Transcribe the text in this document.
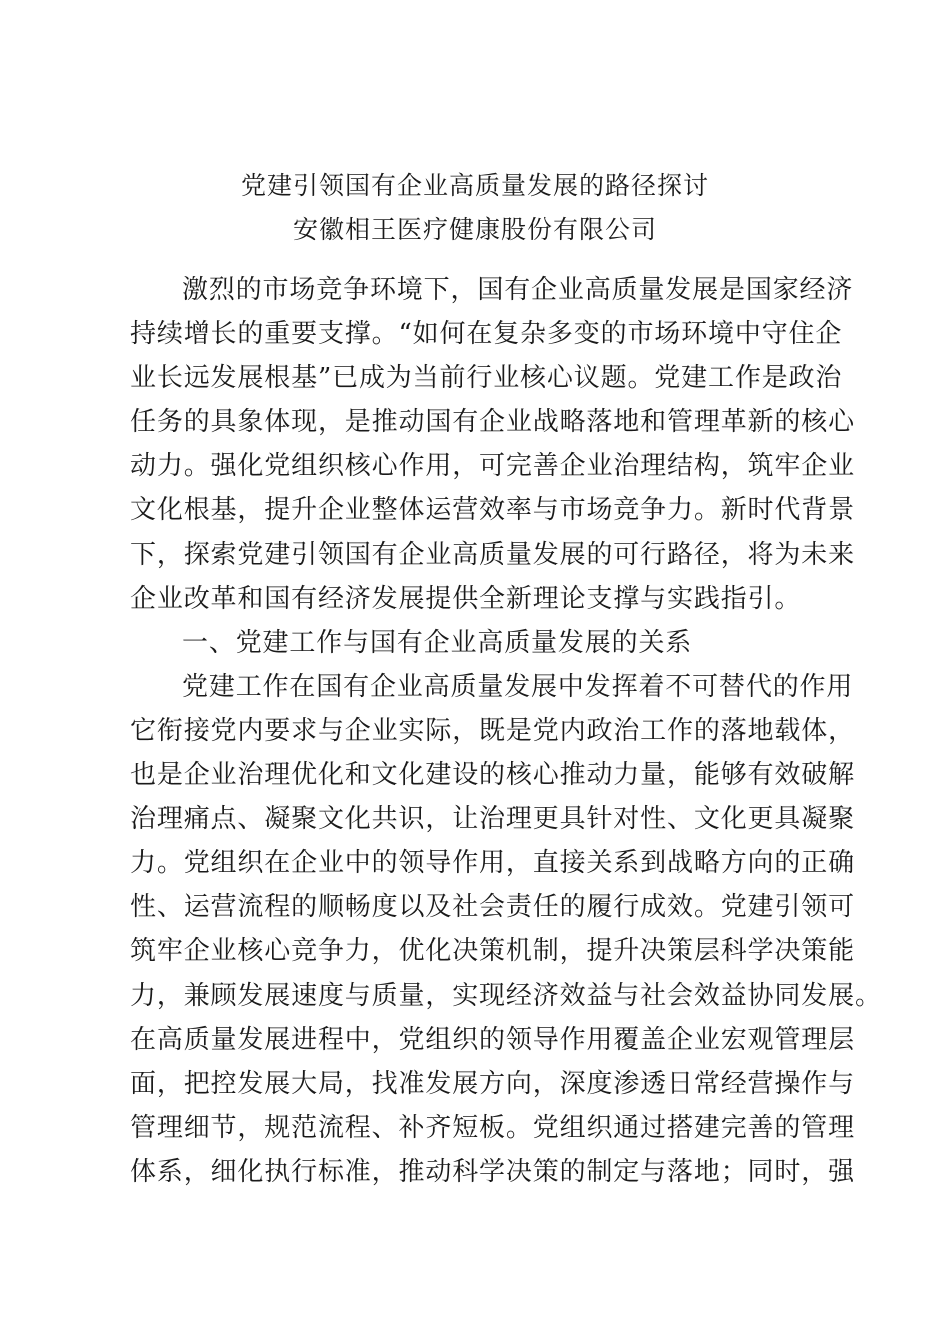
党建引领国有企业高质量发展的路径探讨
安徽相王医疗健康股份有限公司
激烈的市场竞争环境下，国有企业高质量发展是国家经济
持续增长的重要支撑。“如何在复杂多变的市场环境中守住企
业长远发展根基”已成为当前行业核心议题。党建工作是政治
任务的具象体现，是推动国有企业战略落地和管理革新的核心
动力。强化党组织核心作用，可完善企业治理结构，筑牢企业
文化根基，提升企业整体运营效率与市场竞争力。新时代背景
下，探索党建引领国有企业高质量发展的可行路径，将为未来
企业改革和国有经济发展提供全新理论支撑与实践指引。
一、党建工作与国有企业高质量发展的关系
党建工作在国有企业高质量发展中发挥着不可替代的作用
它衔接党内要求与企业实际，既是党内政治工作的落地载体，
也是企业治理优化和文化建设的核心推动力量，能够有效破解
治理痛点、凝聚文化共识，让治理更具针对性、文化更具凝聚
力。党组织在企业中的领导作用，直接关系到战略方向的正确
性、运营流程的顺畅度以及社会责任的履行成效。党建引领可
筑牢企业核心竞争力，优化决策机制，提升决策层科学决策能
力，兼顾发展速度与质量，实现经济效益与社会效益协同发展。
在高质量发展进程中，党组织的领导作用覆盖企业宏观管理层
面，把控发展大局，找准发展方向，深度渗透日常经营操作与
管理细节，规范流程、补齐短板。党组织通过搭建完善的管理
体系，细化执行标准，推动科学决策的制定与落地；同时，强
